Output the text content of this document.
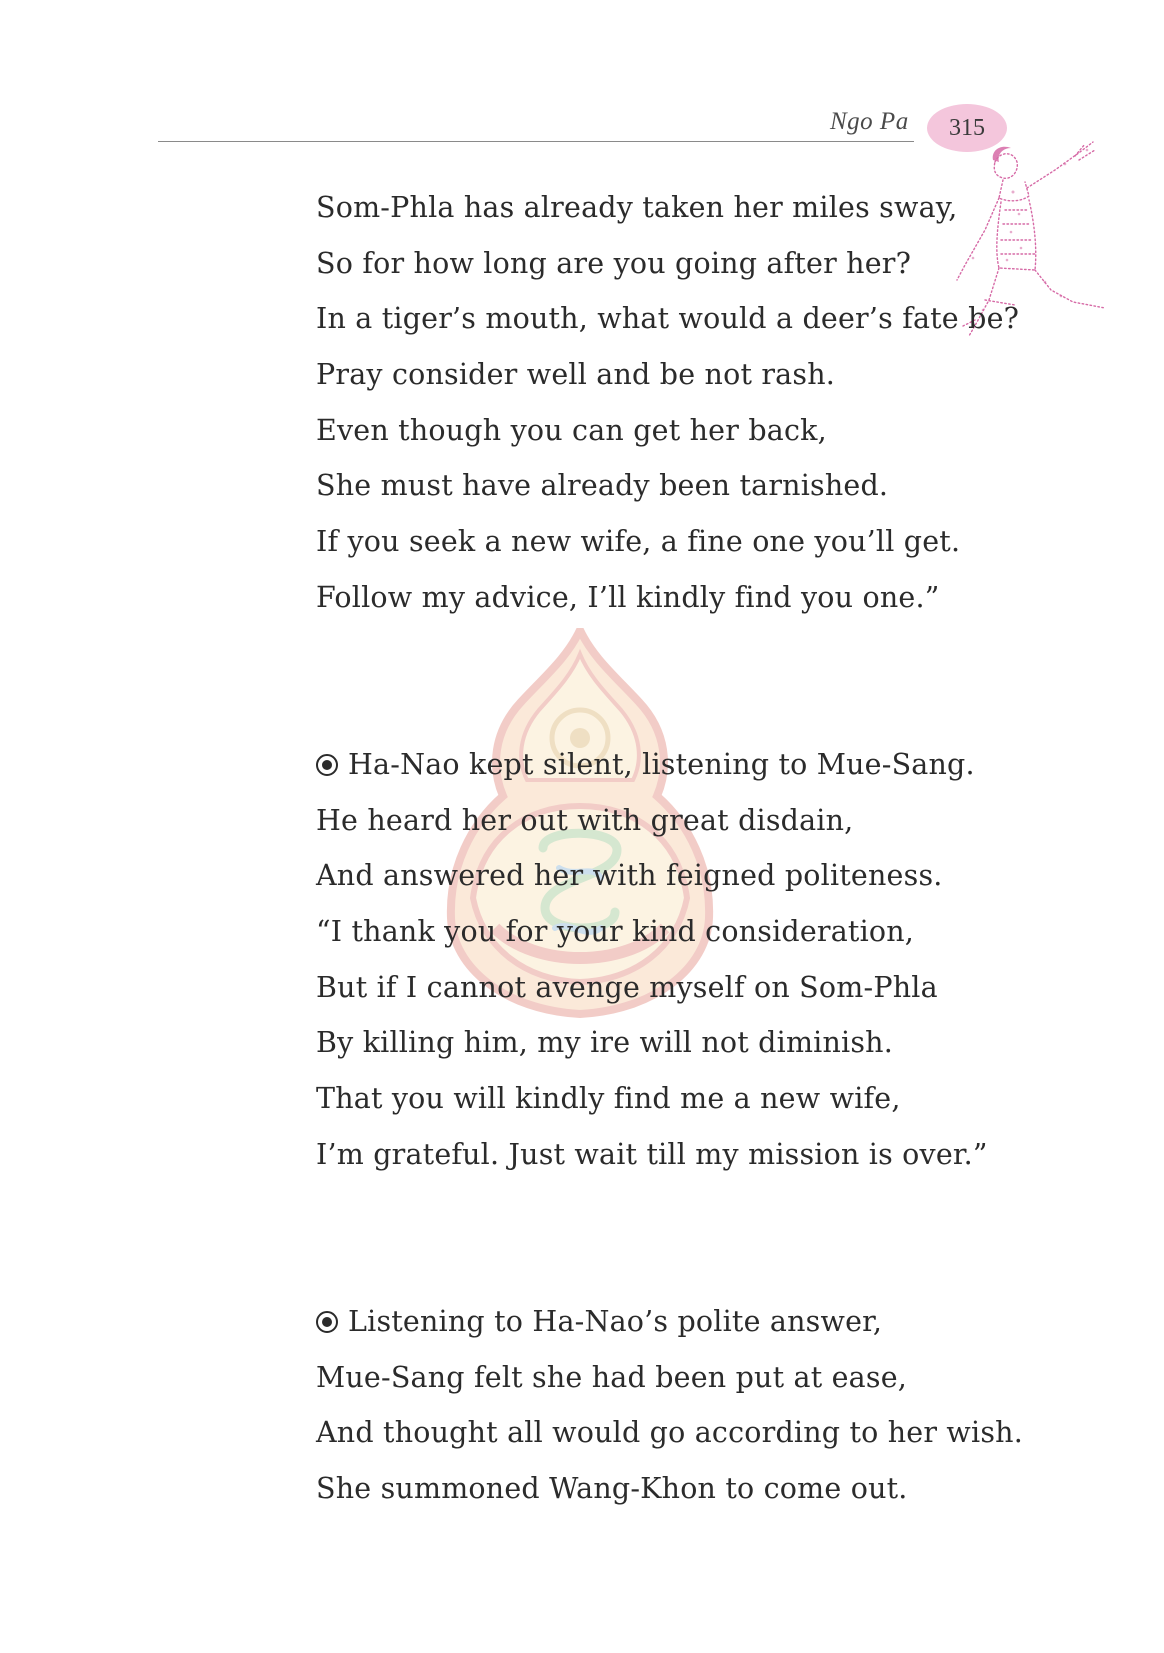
Ngo Pa 315
Som-Phla has already taken her miles sway,
So for how long are you going after her?
In a tiger’s mouth, what would a deer’s fate be?
Pray consider well and be not rash.
Even though you can get her back,
She must have already been tarnished.
If you seek a new wife, a fine one you’ll get.
Follow my advice, I’ll kindly find you one.”
Ha-Nao kept silent, listening to Mue-Sang.
He heard her out with great disdain,
And answered her with feigned politeness.
“I thank you for your kind consideration,
But if I cannot avenge myself on Som-Phla
By killing him, my ire will not diminish.
That you will kindly find me a new wife,
I’m grateful. Just wait till my mission is over.”
Listening to Ha-Nao’s polite answer,
Mue-Sang felt she had been put at ease,
And thought all would go according to her wish.
She summoned Wang-Khon to come out.
